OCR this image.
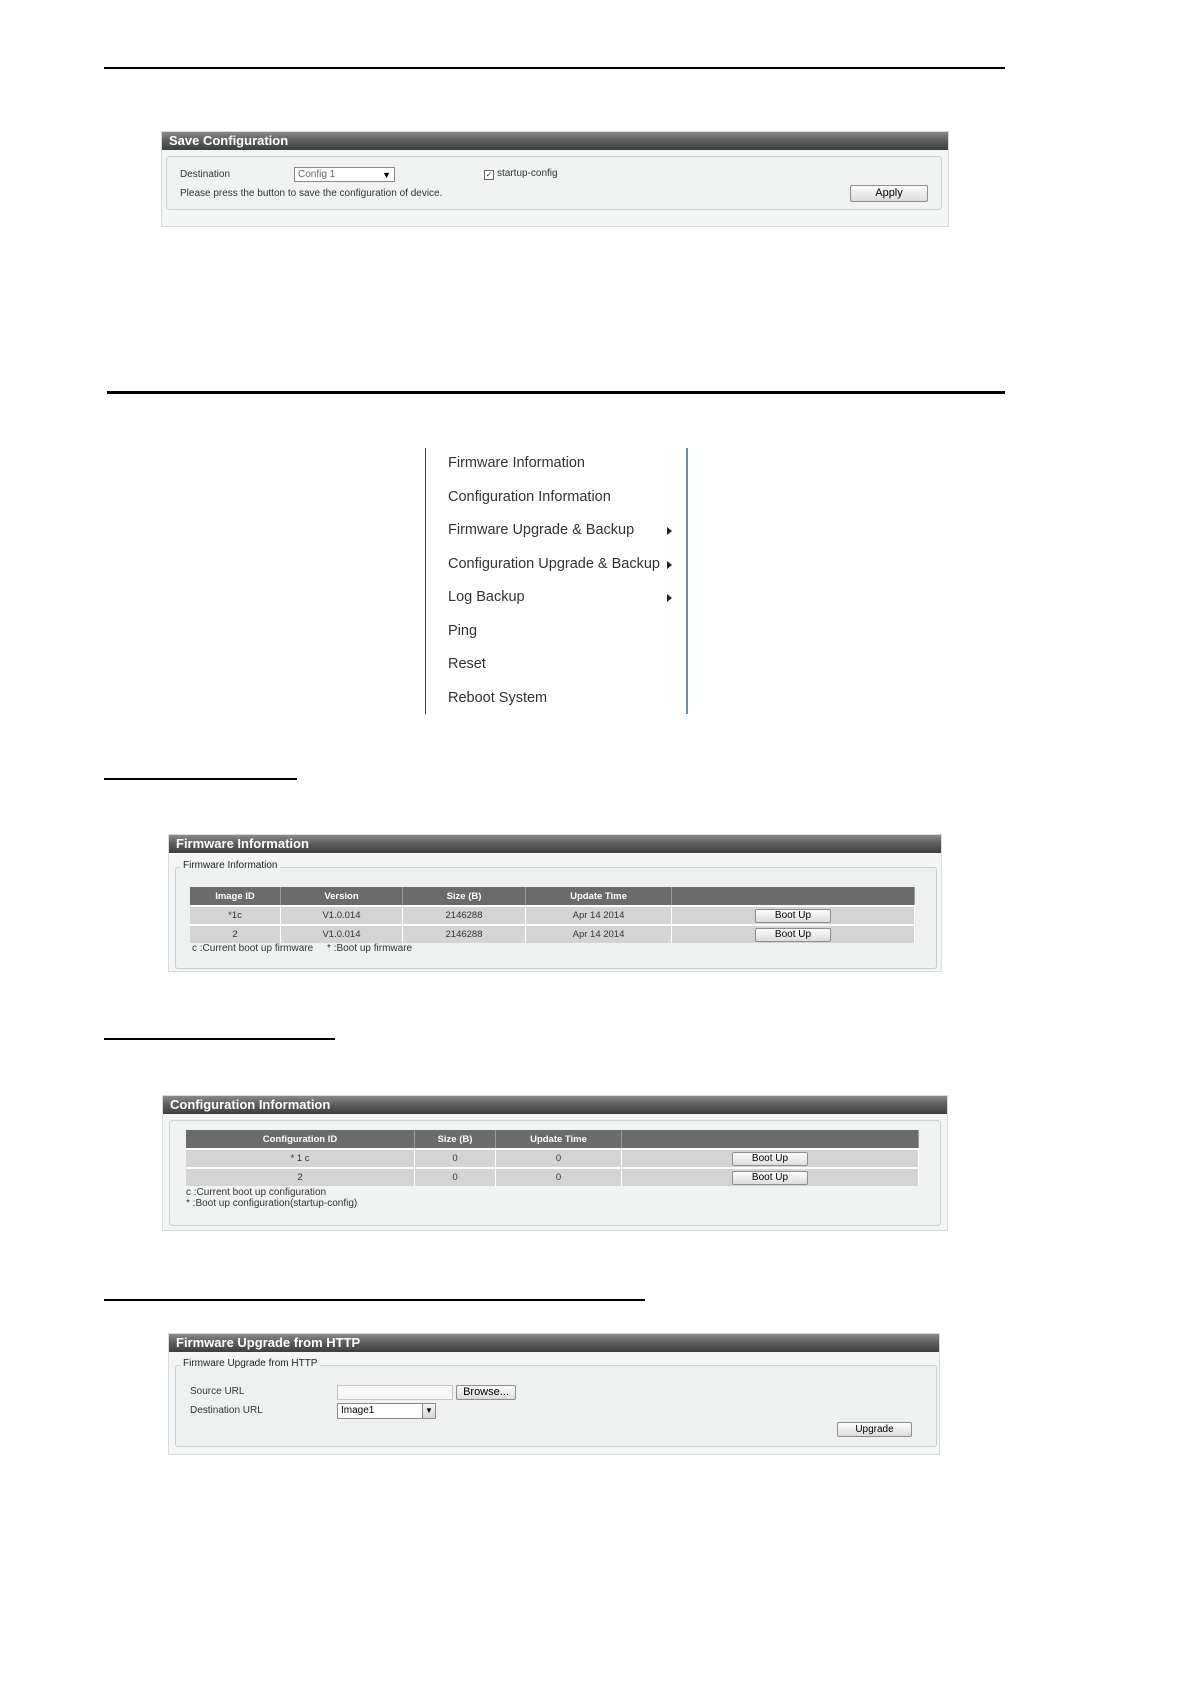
Save Configuration
Destination	Config 1	▼	✓ startup-config
Please press the button to save the configuration of device.	Apply
Firmware Information
Configuration Information
Firmware Upgrade & Backup
Configuration Upgrade & Backup
Log Backup
Ping
Reset
Reboot System
Firmware Information
Firmware Information
Image ID	Version	Size (B)	Update Time	
*1c	V1.0.014	2146288	Apr 14 2014	Boot Up
2	V1.0.014	2146288	Apr 14 2014	Boot Up
c :Current boot up firmware     * :Boot up firmware
Configuration Information
Configuration ID	Size (B)	Update Time	
* 1 c	0	0	Boot Up
2	0	0	Boot Up
c :Current boot up configuration
* :Boot up configuration(startup-config)
Firmware Upgrade from HTTP
Firmware Upgrade from HTTP
Source URL	Browse...
Destination URL	Image1	▼
Upgrade
